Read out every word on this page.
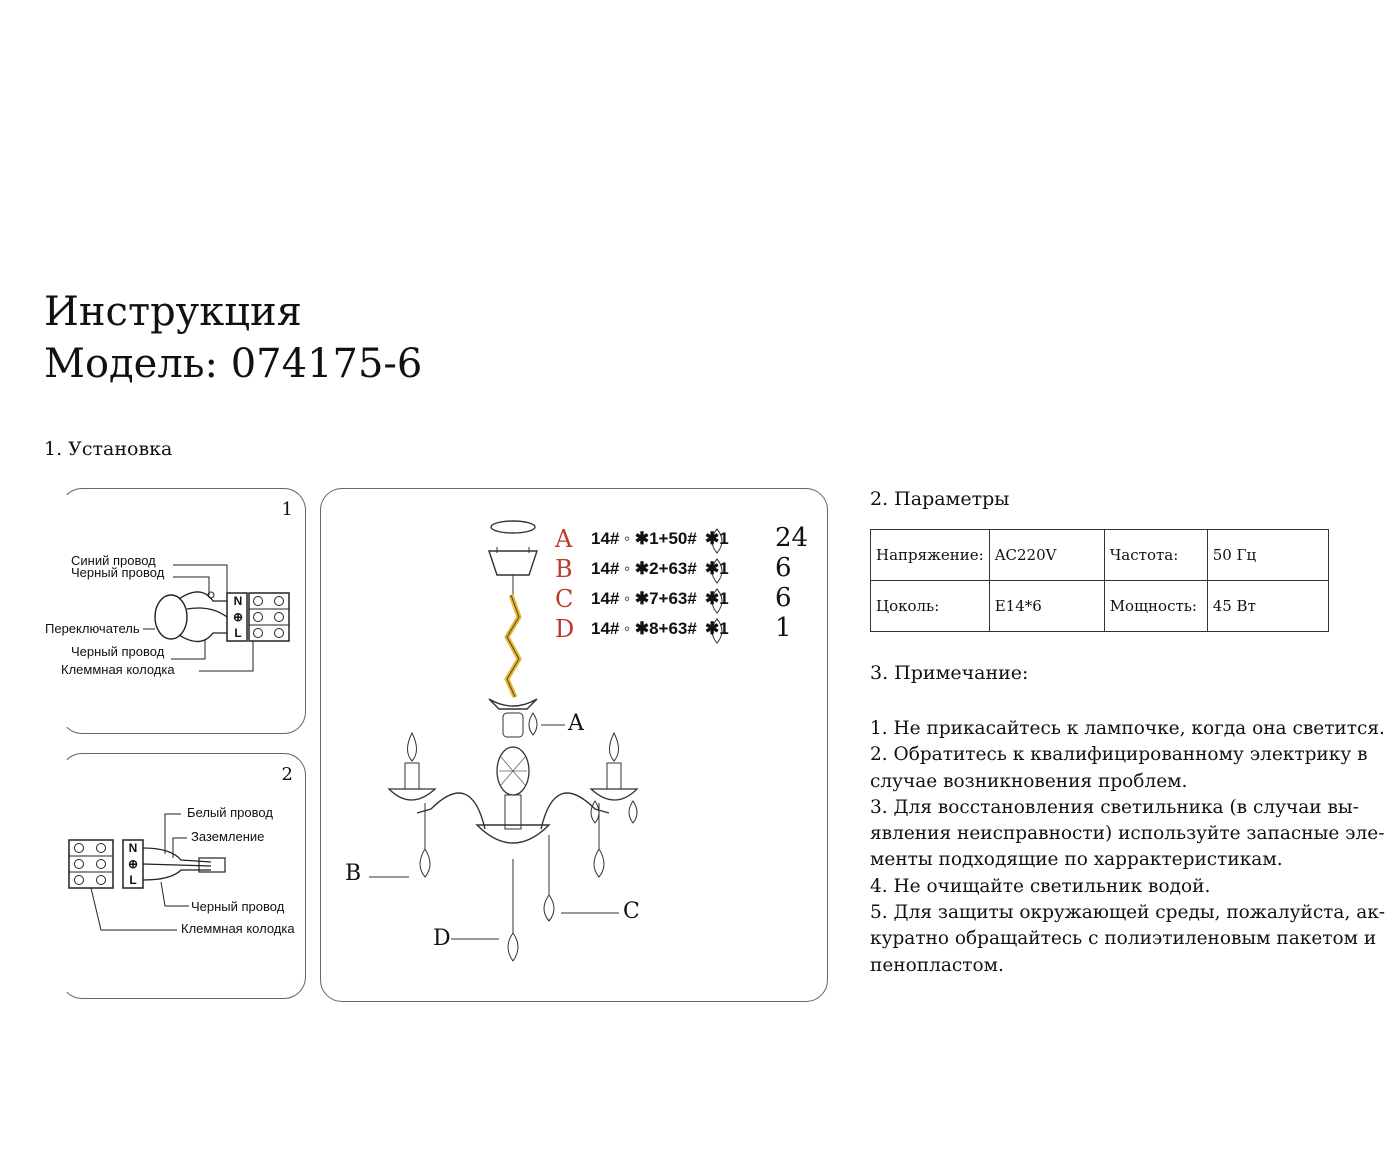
Инструкция
Модель: 074175-6
1. Установка
1
Синий провод
Черный провод
Переключатель
Черный провод
Клеммная колодка
N
⊕
L
2
Белый провод
Заземление
Черный провод
Клеммная колодка
N
⊕
L
A 14# ◦ ✱1+50# ✱1 24
B 14# ◦ ✱2+63# ✱1 6
C 14# ◦ ✱7+63# ✱1 6
D 14# ◦ ✱8+63# ✱1 1
A
B
C
D
2. Параметры
Напряжение:	AC220V	Частота:	50 Гц
Цоколь:	E14*6	Мощность:	45 Вт
3. Примечание:
1. Не прикасайтесь к лампочке, когда она светится.
2. Обратитесь к квалифицированному электрику в
случае возникновения проблем.
3. Для восстановления светильника (в случаи вы-
явления неисправности) используйте запасные эле-
менты подходящие по харрактеристикам.
4. Не очищайте светильник водой.
5. Для защиты окружающей среды, пожалуйста, ак-
куратно обращайтесь с полиэтиленовым пакетом и
пенопластом.
